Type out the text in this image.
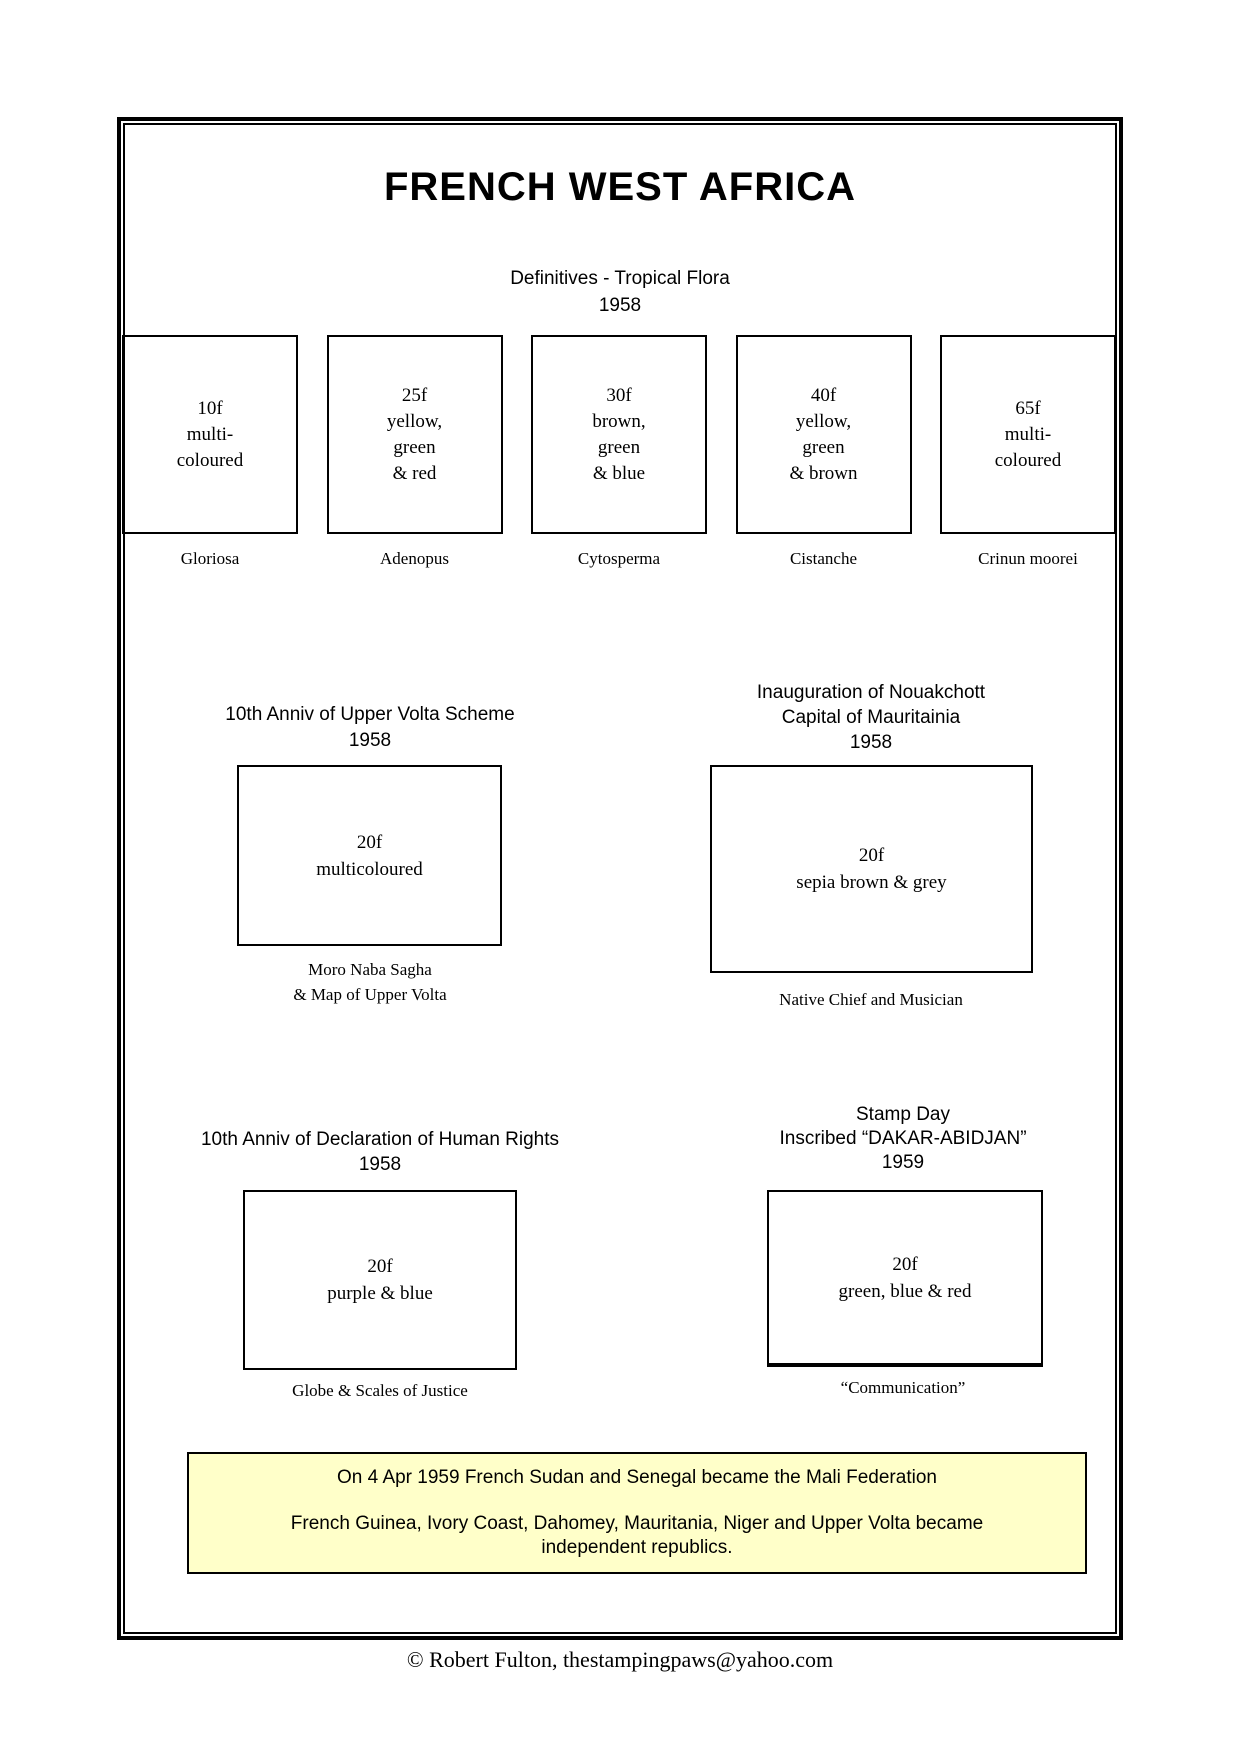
FRENCH WEST AFRICA
Definitives - Tropical Flora
1958
10f
multi-
coloured
25f
yellow,
green
& red
30f
brown,
green
& blue
40f
yellow,
green
& brown
65f
multi-
coloured
Gloriosa	Adenopus	Cytosperma	Cistanche	Crinun moorei
10th Anniv of Upper Volta Scheme
1958
20f
multicoloured
Moro Naba Sagha
& Map of Upper Volta
Inauguration of Nouakchott
Capital of Mauritainia
1958
20f
sepia brown & grey
Native Chief and Musician
10th Anniv of Declaration of Human Rights
1958
20f
purple & blue
Globe & Scales of Justice
Stamp Day
Inscribed “DAKAR-ABIDJAN”
1959
20f
green, blue & red
“Communication”
On 4 Apr 1959 French Sudan and Senegal became the Mali Federation
French Guinea, Ivory Coast, Dahomey, Mauritania, Niger and Upper Volta became
independent republics.
© Robert Fulton, thestampingpaws@yahoo.com
